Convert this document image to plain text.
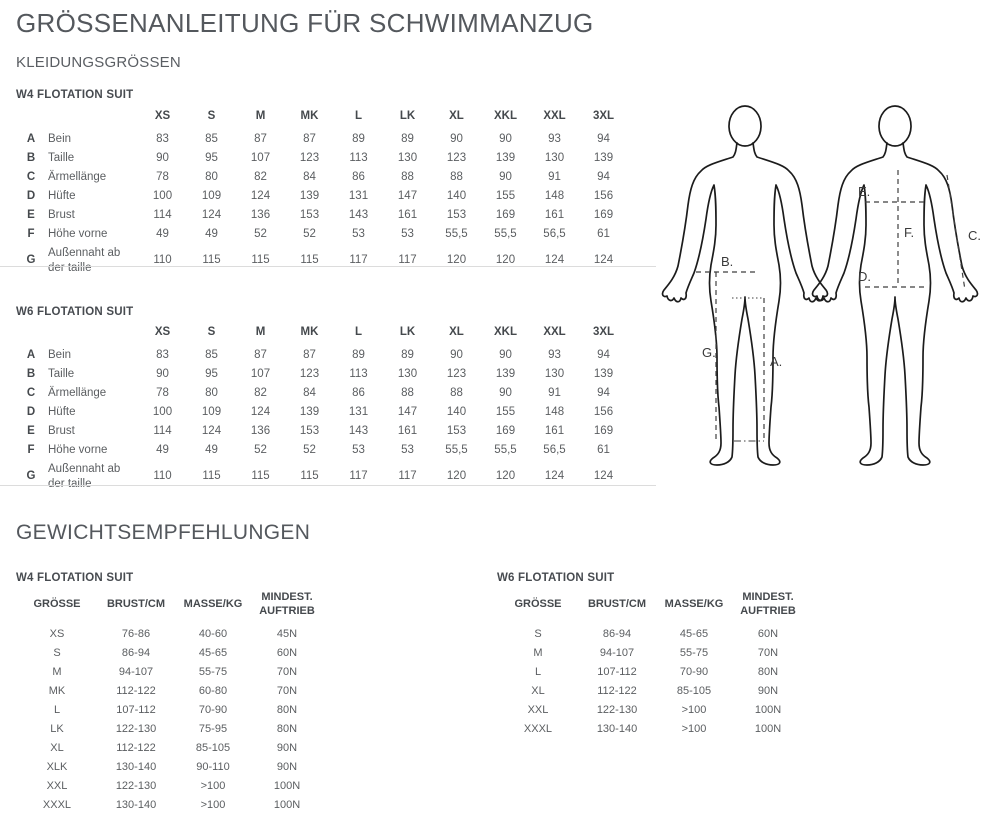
GRÖSSENANLEITUNG FÜR SCHWIMMANZUG
KLEIDUNGSGRÖSSEN
W4 FLOTATION SUIT
		XS	S	M	MK	L	LK	XL	XKL	XXL	3XL
A	Bein	83	85	87	87	89	89	90	90	93	94
B	Taille	90	95	107	123	113	130	123	139	130	139
C	Ärmellänge	78	80	82	84	86	88	88	90	91	94
D	Hüfte	100	109	124	139	131	147	140	155	148	156
E	Brust	114	124	136	153	143	161	153	169	161	169
F	Höhe vorne	49	49	52	52	53	53	55,5	55,5	56,5	61
G	Außennaht ab der taille	110	115	115	115	117	117	120	120	124	124
W6 FLOTATION SUIT
		XS	S	M	MK	L	LK	XL	XKL	XXL	3XL
A	Bein	83	85	87	87	89	89	90	90	93	94
B	Taille	90	95	107	123	113	130	123	139	130	139
C	Ärmellänge	78	80	82	84	86	88	88	90	91	94
D	Hüfte	100	109	124	139	131	147	140	155	148	156
E	Brust	114	124	136	153	143	161	153	169	161	169
F	Höhe vorne	49	49	52	52	53	53	55,5	55,5	56,5	61
G	Außennaht ab der taille	110	115	115	115	117	117	120	120	124	124
B.
G.
A.
E.
F.
D.
C.
GEWICHTSEMPFEHLUNGEN
W4 FLOTATION SUIT
GRÖSSE	BRUST/CM	MASSE/KG	MINDEST. AUFTRIEB
XS	76-86	40-60	45N
S	86-94	45-65	60N
M	94-107	55-75	70N
MK	112-122	60-80	70N
L	107-112	70-90	80N
LK	122-130	75-95	80N
XL	112-122	85-105	90N
XLK	130-140	90-110	90N
XXL	122-130	>100	100N
XXXL	130-140	>100	100N
W6 FLOTATION SUIT
GRÖSSE	BRUST/CM	MASSE/KG	MINDEST. AUFTRIEB
S	86-94	45-65	60N
M	94-107	55-75	70N
L	107-112	70-90	80N
XL	112-122	85-105	90N
XXL	122-130	>100	100N
XXXL	130-140	>100	100N
